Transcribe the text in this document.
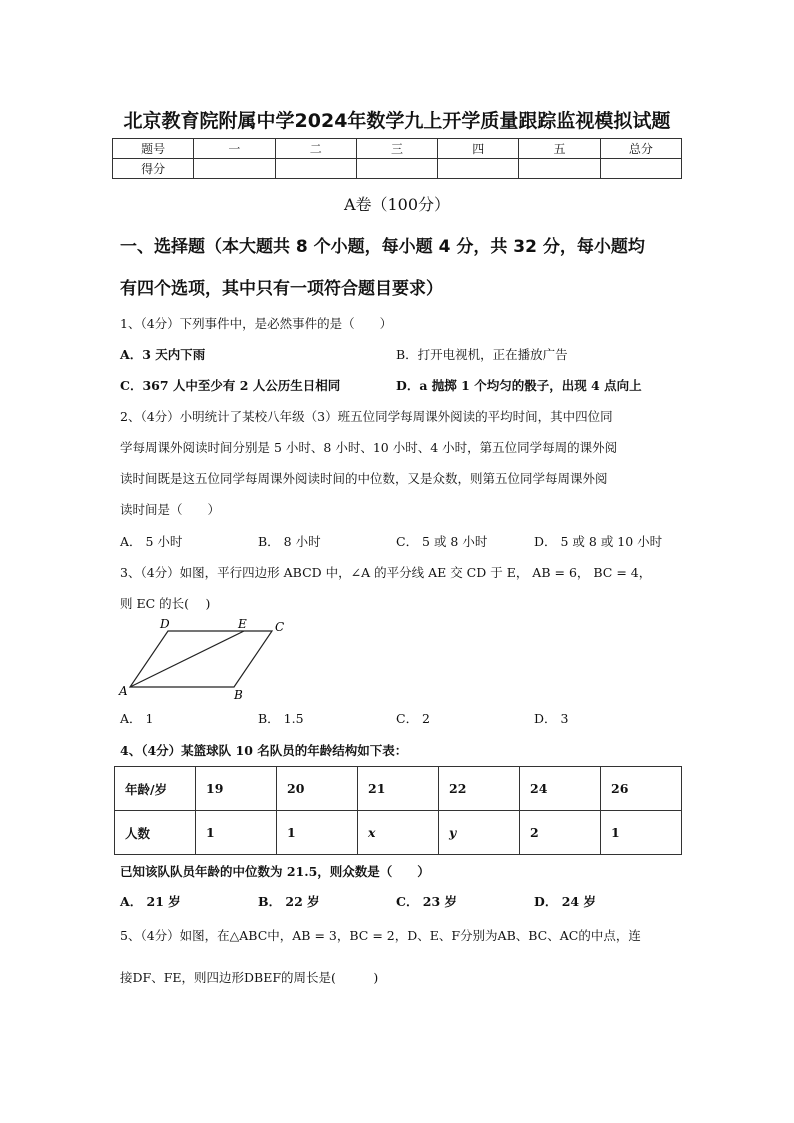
北京教育院附属中学2024年数学九上开学质量跟踪监视模拟试题
题号	一	二	三	四	五	总分
得分						
A卷（100分）
一、选择题（本大题共 8 个小题，每小题 4 分，共 32 分，每小题均
有四个选项，其中只有一项符合题目要求）
1、（4分）下列事件中，是必然事件的是（　　）
A．3 天内下雨	B．打开电视机，正在播放广告
C．367 人中至少有 2 人公历生日相同	D．a 抛掷 1 个均匀的骰子，出现 4 点向上
2、（4分）小明统计了某校八年级（3）班五位同学每周课外阅读的平均时间，其中四位同
学每周课外阅读时间分别是 5 小时、8 小时、10 小时、4 小时，第五位同学每周的课外阅
读时间既是这五位同学每周课外阅读时间的中位数，又是众数，则第五位同学每周课外阅
读时间是（　　）
A． 5 小时	B． 8 小时	C． 5 或 8 小时	D． 5 或 8 或 10 小时
3、（4分）如图，平行四边形 ABCD 中，∠A 的平分线 AE 交 CD 于 E， AB = 6， BC = 4，
则 EC 的长(　 )
A	B
C
D	E
A． 1	B． 1.5	C． 2	D． 3
4、（4分）某篮球队 10 名队员的年龄结构如下表：
年龄/岁	19	20	21	22	24	26
人数	1	1	x	y	2	1
已知该队队员年龄的中位数为 21.5，则众数是（　　）
A． 21 岁	B． 22 岁	C． 23 岁	D． 24 岁
5、（4分）如图，在△ABC中，AB = 3，BC = 2，D、E、F分别为AB、BC、AC的中点，连
接DF、FE，则四边形DBEF的周长是(　　　)
